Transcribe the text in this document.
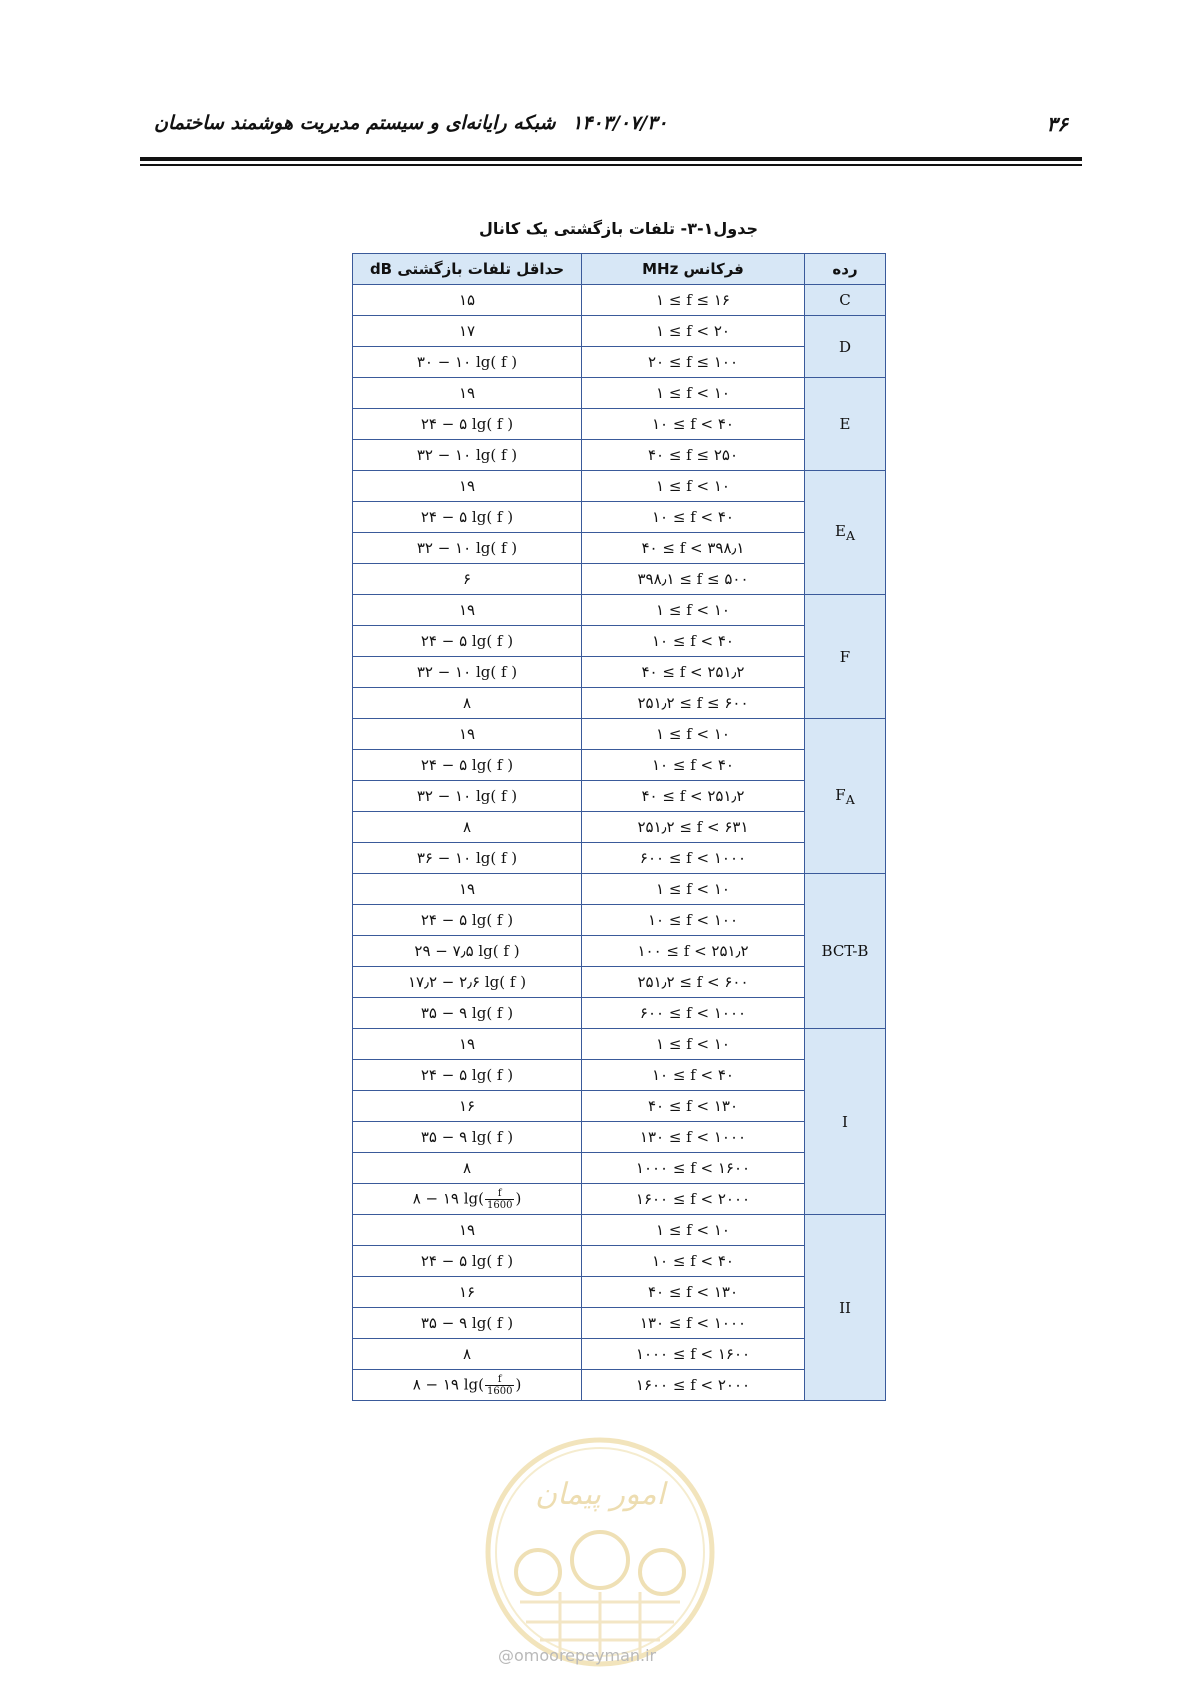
شبکه رایانه‌ای و سیستم مدیریت هوشمند ساختمان ۱۴۰۳/۰۷/۳۰	۳۶
جدول۱-۳- تلفات بازگشتی یک کانال
حداقل تلفات بازگشتی dB	فرکانس MHz	رده
۱۵	۱ ≤ f ≤ ۱۶	C
۱۷	۱ ≤ f < ۲۰	D
۳۰ − ۱۰ lg( f )	۲۰ ≤ f ≤ ۱۰۰	
۱۹	۱ ≤ f < ۱۰	E
۲۴ − ۵ lg( f )	۱۰ ≤ f < ۴۰	
۳۲ − ۱۰ lg( f )	۴۰ ≤ f ≤ ۲۵۰	
۱۹	۱ ≤ f < ۱۰	$E_A$
۲۴ − ۵ lg( f )	۱۰ ≤ f < ۴۰	
۳۲ − ۱۰ lg( f )	۴۰ ≤ f < ۳۹۸٫۱	
۶	۳۹۸٫۱ ≤ f ≤ ۵۰۰	
۱۹	۱ ≤ f < ۱۰	F
۲۴ − ۵ lg( f )	۱۰ ≤ f < ۴۰	
۳۲ − ۱۰ lg( f )	۴۰ ≤ f < ۲۵۱٫۲	
۸	۲۵۱٫۲ ≤ f ≤ ۶۰۰	
۱۹	۱ ≤ f < ۱۰	$F_A$
۲۴ − ۵ lg( f )	۱۰ ≤ f < ۴۰	
۳۲ − ۱۰ lg( f )	۴۰ ≤ f < ۲۵۱٫۲	
۸	۲۵۱٫۲ ≤ f < ۶۳۱	
۳۶ − ۱۰ lg( f )	۶۰۰ ≤ f < ۱۰۰۰	
۱۹	۱ ≤ f < ۱۰	BCT-B
۲۴ − ۵ lg( f )	۱۰ ≤ f < ۱۰۰	
۲۹ − ۷٫۵ lg( f )	۱۰۰ ≤ f < ۲۵۱٫۲	
۱۷٫۲ − ۲٫۶ lg( f )	۲۵۱٫۲ ≤ f < ۶۰۰	
۳۵ − ۹ lg( f )	۶۰۰ ≤ f < ۱۰۰۰	
۱۹	۱ ≤ f < ۱۰	I
۲۴ − ۵ lg( f )	۱۰ ≤ f < ۴۰	
۱۶	۴۰ ≤ f < ۱۳۰	
۳۵ − ۹ lg( f )	۱۳۰ ≤ f < ۱۰۰۰	
۸	۱۰۰۰ ≤ f < ۱۶۰۰	
۸ − ۱۹ $\lg( \frac{f}{1600}$ )	۱۶۰۰ ≤ f < ۲۰۰۰	
۱۹	۱ ≤ f < ۱۰	II
۲۴ − ۵ lg( f )	۱۰ ≤ f < ۴۰	
۱۶	۴۰ ≤ f < ۱۳۰	
۳۵ − ۹ lg( f )	۱۳۰ ≤ f < ۱۰۰۰	
۸	۱۰۰۰ ≤ f < ۱۶۰۰	
۸ − ۱۹ $\lg( \frac{f}{1600}$ )	۱۶۰۰ ≤ f < ۲۰۰۰	
امور پیمان
@omoorepeyman.ir
